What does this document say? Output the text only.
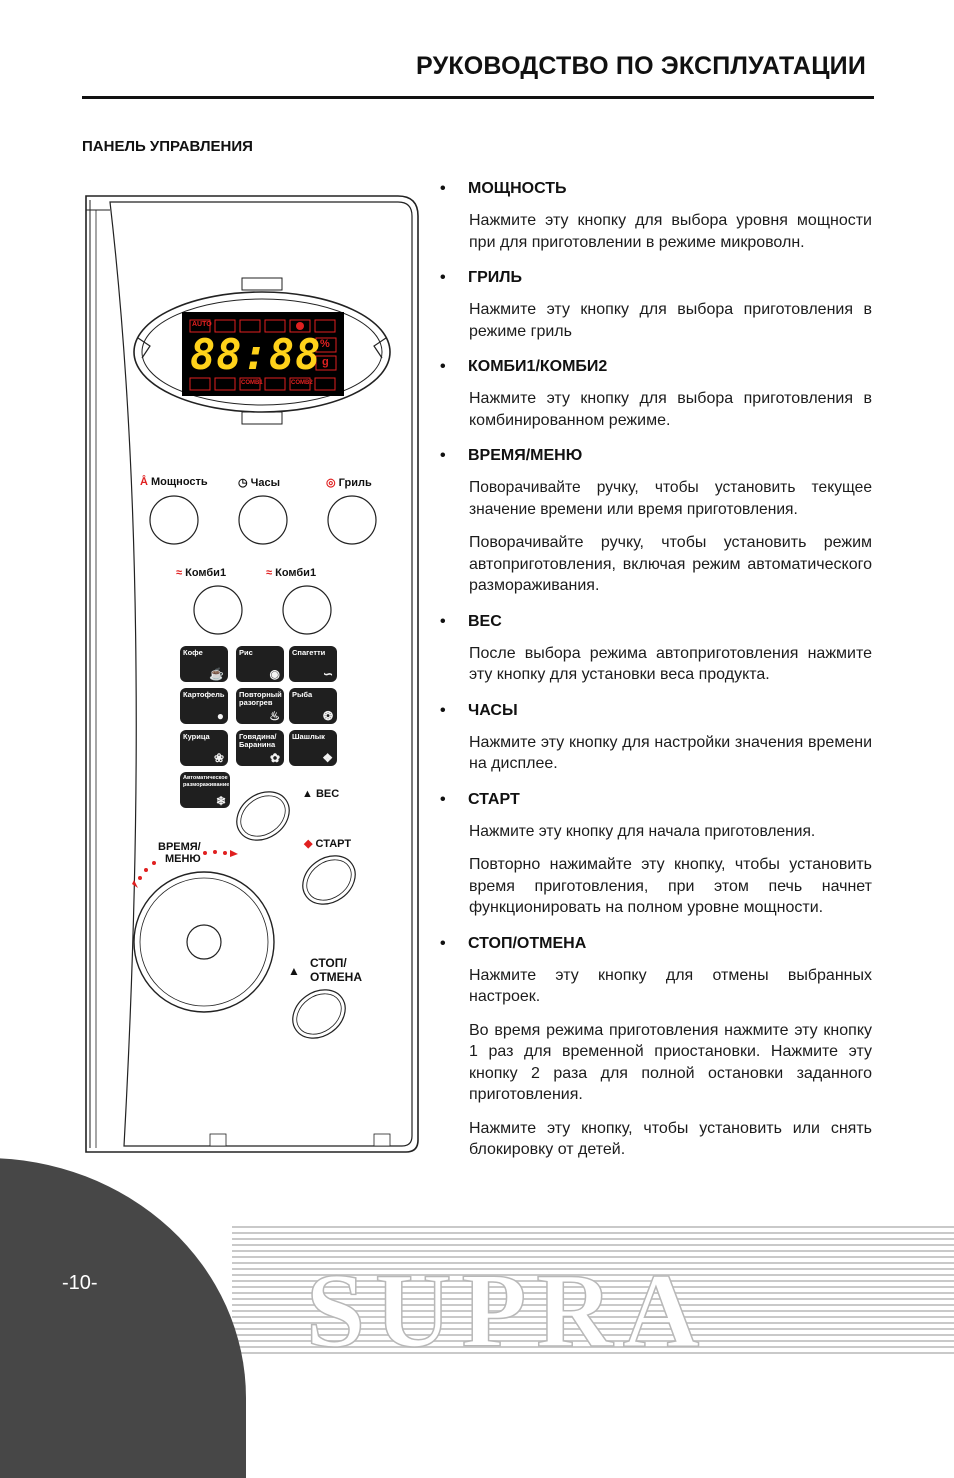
РУКОВОДСТВО ПО ЭКСПЛУАТАЦИИ
ПАНЕЛЬ УПРАВЛЕНИЯ
88:88
AUTO
%
g
COMB1	COMB2
Å Мощность	◷ Часы	◎ Гриль
≈ Комби1	≈ Комби1
Кофе
☕
Рис
◉
Спагетти
∽
Картофель
●
Повторный
разогрев
♨
Рыба
❂
Курица
❀
Говядина/
Баранина
✿
Шашлык
❖
Автоматическое
размораживание
❄	▲ ВЕС
◆ СТАРТ
ВРЕМЯ/
МЕНЮ
▲
СТОП/
ОТМЕНА
• МОЩНОСТЬ

Нажмите эту кнопку для выбора уровня мощности при для приготовлении в режиме микроволн.

• ГРИЛЬ

Нажмите эту кнопку для выбора приготовления в режиме гриль

• КОМБИ1/КОМБИ2

Нажмите эту кнопку для выбора приготовления в комбинированном режиме.

• ВРЕМЯ/МЕНЮ

Поворачивайте ручку, чтобы установить текущее значение времени или время приготовления.

Поворачивайте ручку, чтобы установить режим автоприготовления, включая режим автоматического размораживания.

• ВЕС

После выбора режима автоприготовления нажмите эту кнопку для установки веса продукта.

• ЧАСЫ

Нажмите эту кнопку для настройки значения времени на дисплее.

• СТАРТ

Нажмите эту кнопку для начала приготовления.

Повторно нажимайте эту кнопку, чтобы установить время приготовления, при этом печь начнет функционировать на полном уровне мощности.

• СТОП/ОТМЕНА

Нажмите эту кнопку для отмены выбранных настроек.

Во время режима приготовления нажмите эту кнопку 1 раз для временной приостановки. Нажмите эту кнопку 2 раза для полной остановки заданного приготовления.

Нажмите эту кнопку, чтобы установить или снять блокировку от детей.

SUPRA
-10-
